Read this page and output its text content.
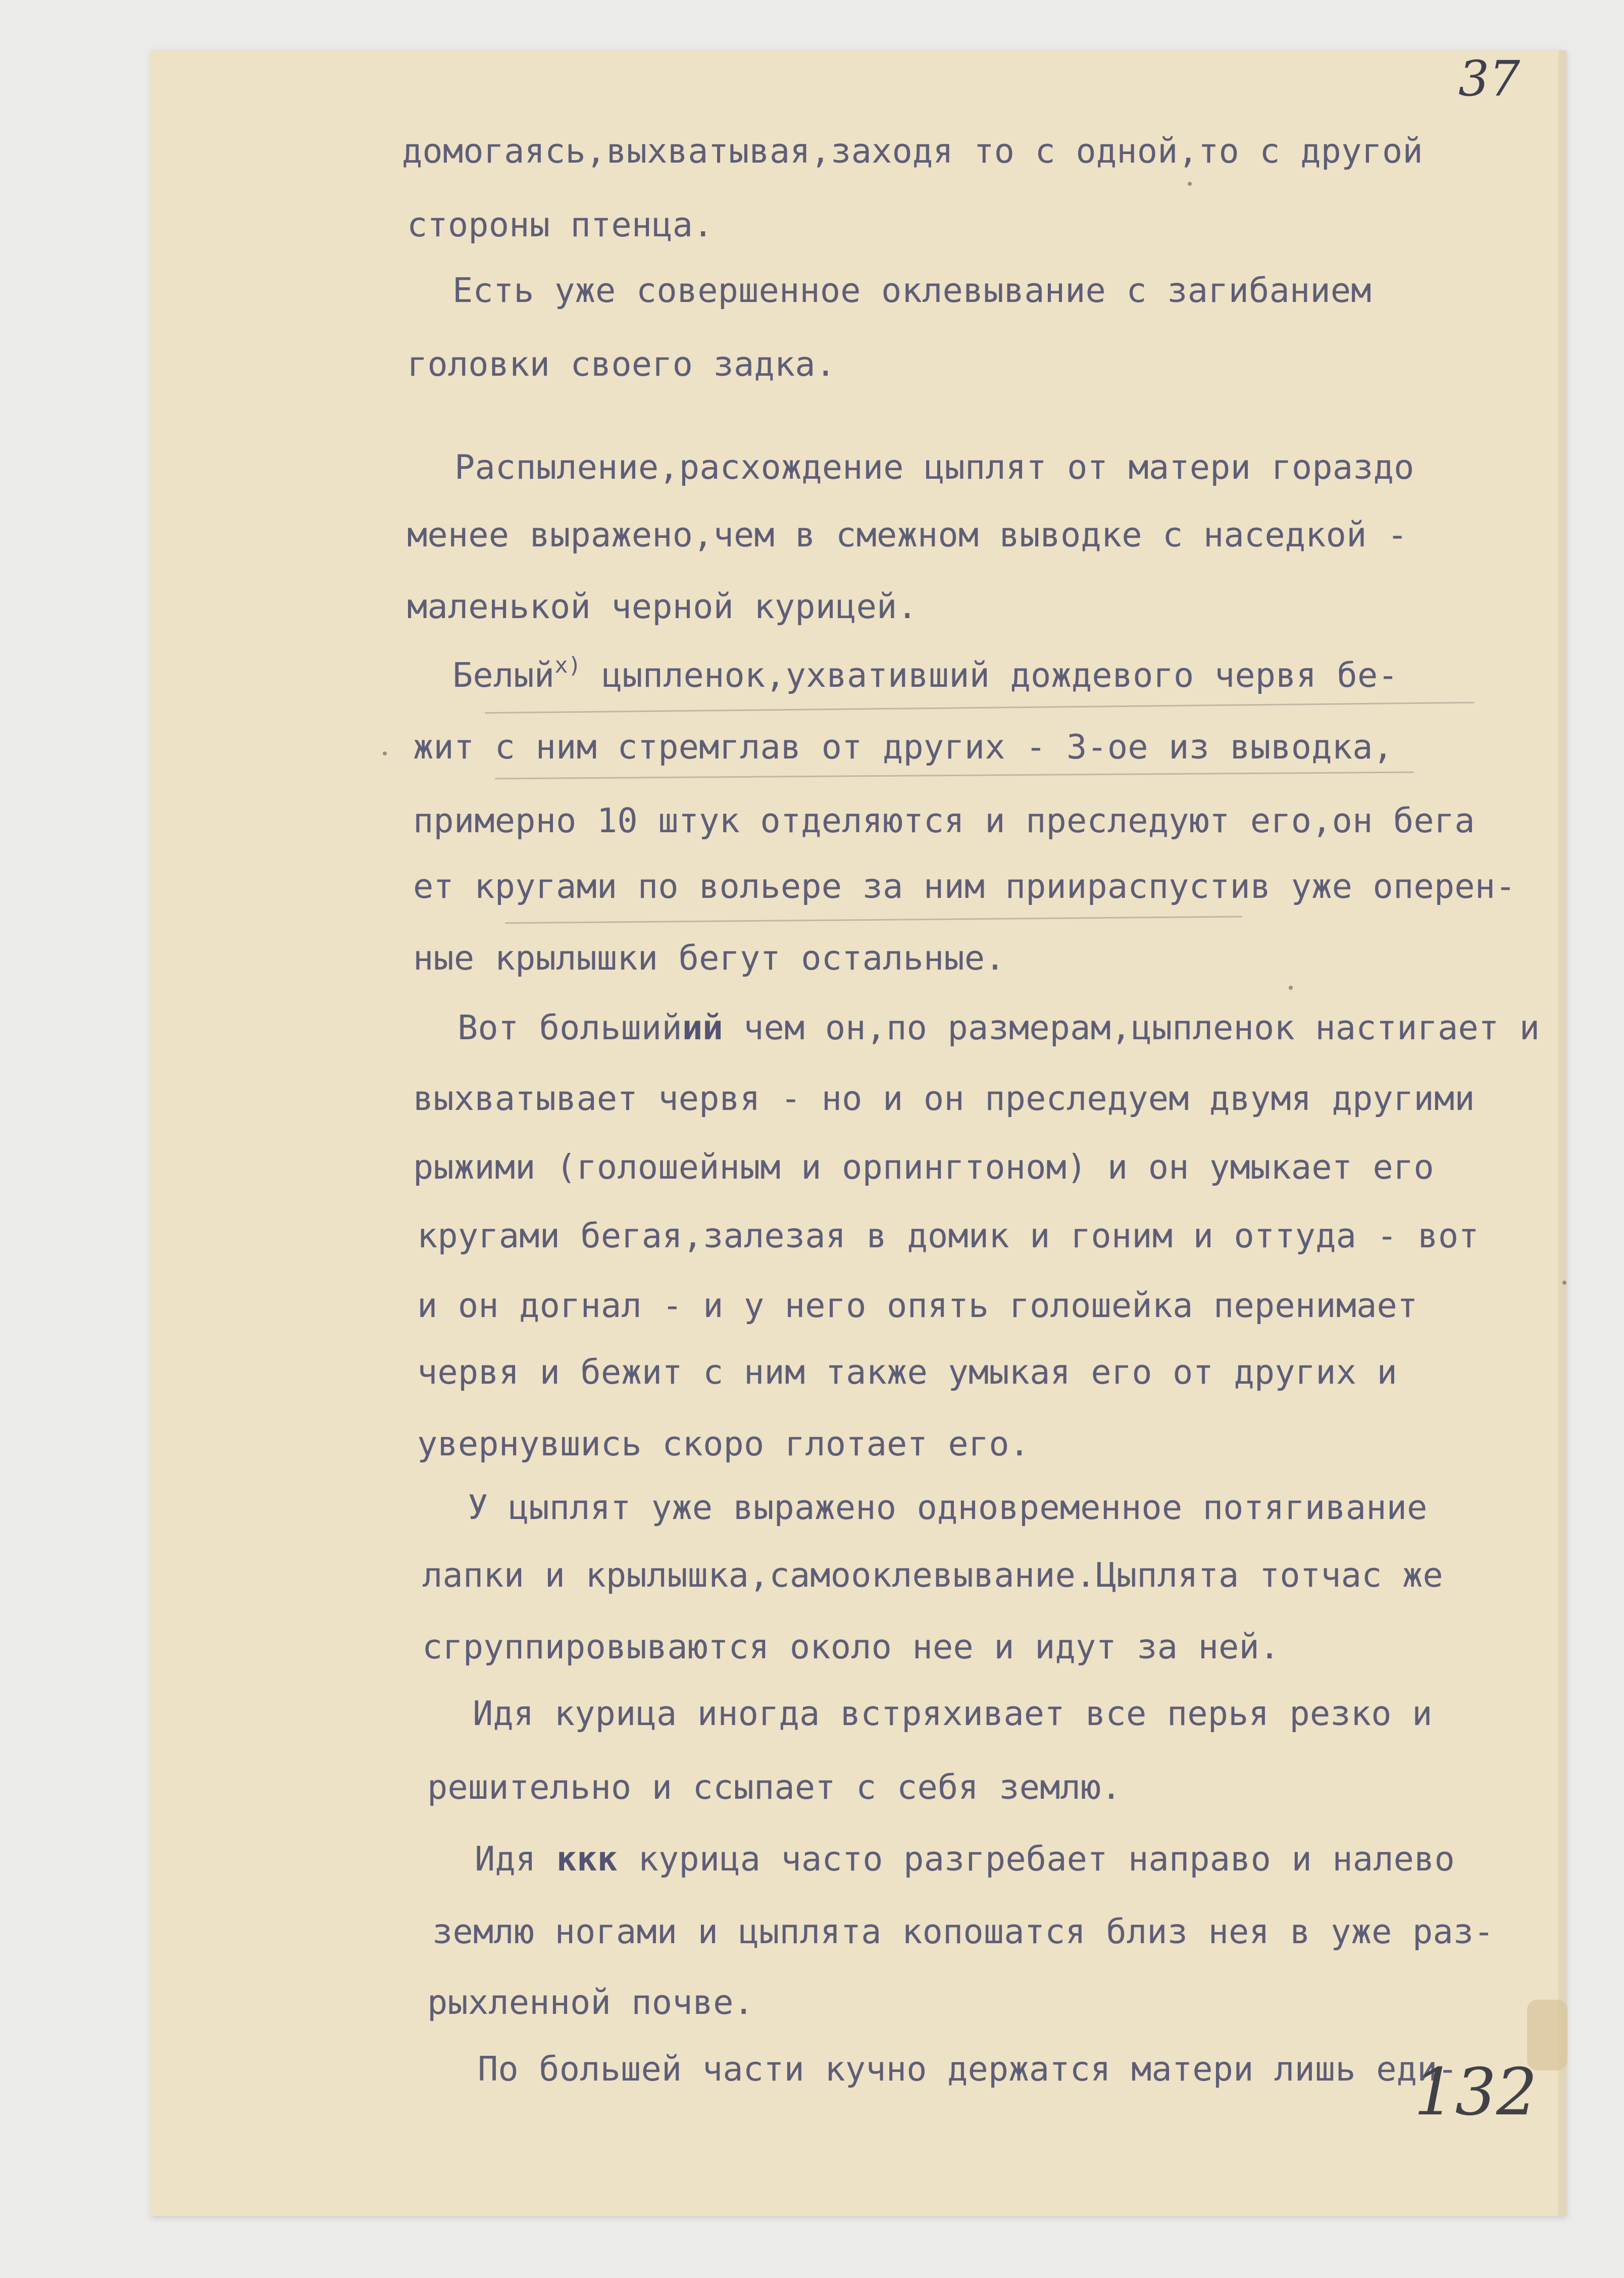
37

домогаясь,выхватывая,заходя то с одной,то с другой

стороны птенца.

Есть уже совершенное оклевывание с загибанием

головки своего задка.

Распыление,расхождение цыплят от матери гораздо

менее выражено,чем в смежном выводке с наседкой -

маленькой черной курицей.

Белый$^{х)}$ цыпленок,ухвативший дождевого червя бе-

жит с ним стремглав от других - 3-ое из выводка,

примерно 10 штук отделяются и преследуют его,он бега

ет кругами по вольере за ним приираспустив уже оперен-

ные крылышки бегут остальные.

Вот большийий чем он,по размерам,цыпленок настигает и

выхватывает червя - но и он преследуем двумя другими

рыжими (голошейным и орпингтоном) и он умыкает его

кругами бегая,залезая в домик и гоним и оттуда - вот

и он догнал - и у него опять голошейка перенимает

червя и бежит с ним также умыкая его от других и

увернувшись скоро глотает его.

У цыплят уже выражено одновременное потягивание

лапки и крылышка,самооклевывание.Цыплята тотчас же

сгруппировываются около нее и идут за ней.

Идя курица иногда встряхивает все перья резко и

решительно и ссыпает с себя землю.

Идя ккк курица часто разгребает направо и налево

землю ногами и цыплята копошатся близ нея в уже раз-

рыхленной почве.

По большей части кучно держатся матери лишь еди-

132
